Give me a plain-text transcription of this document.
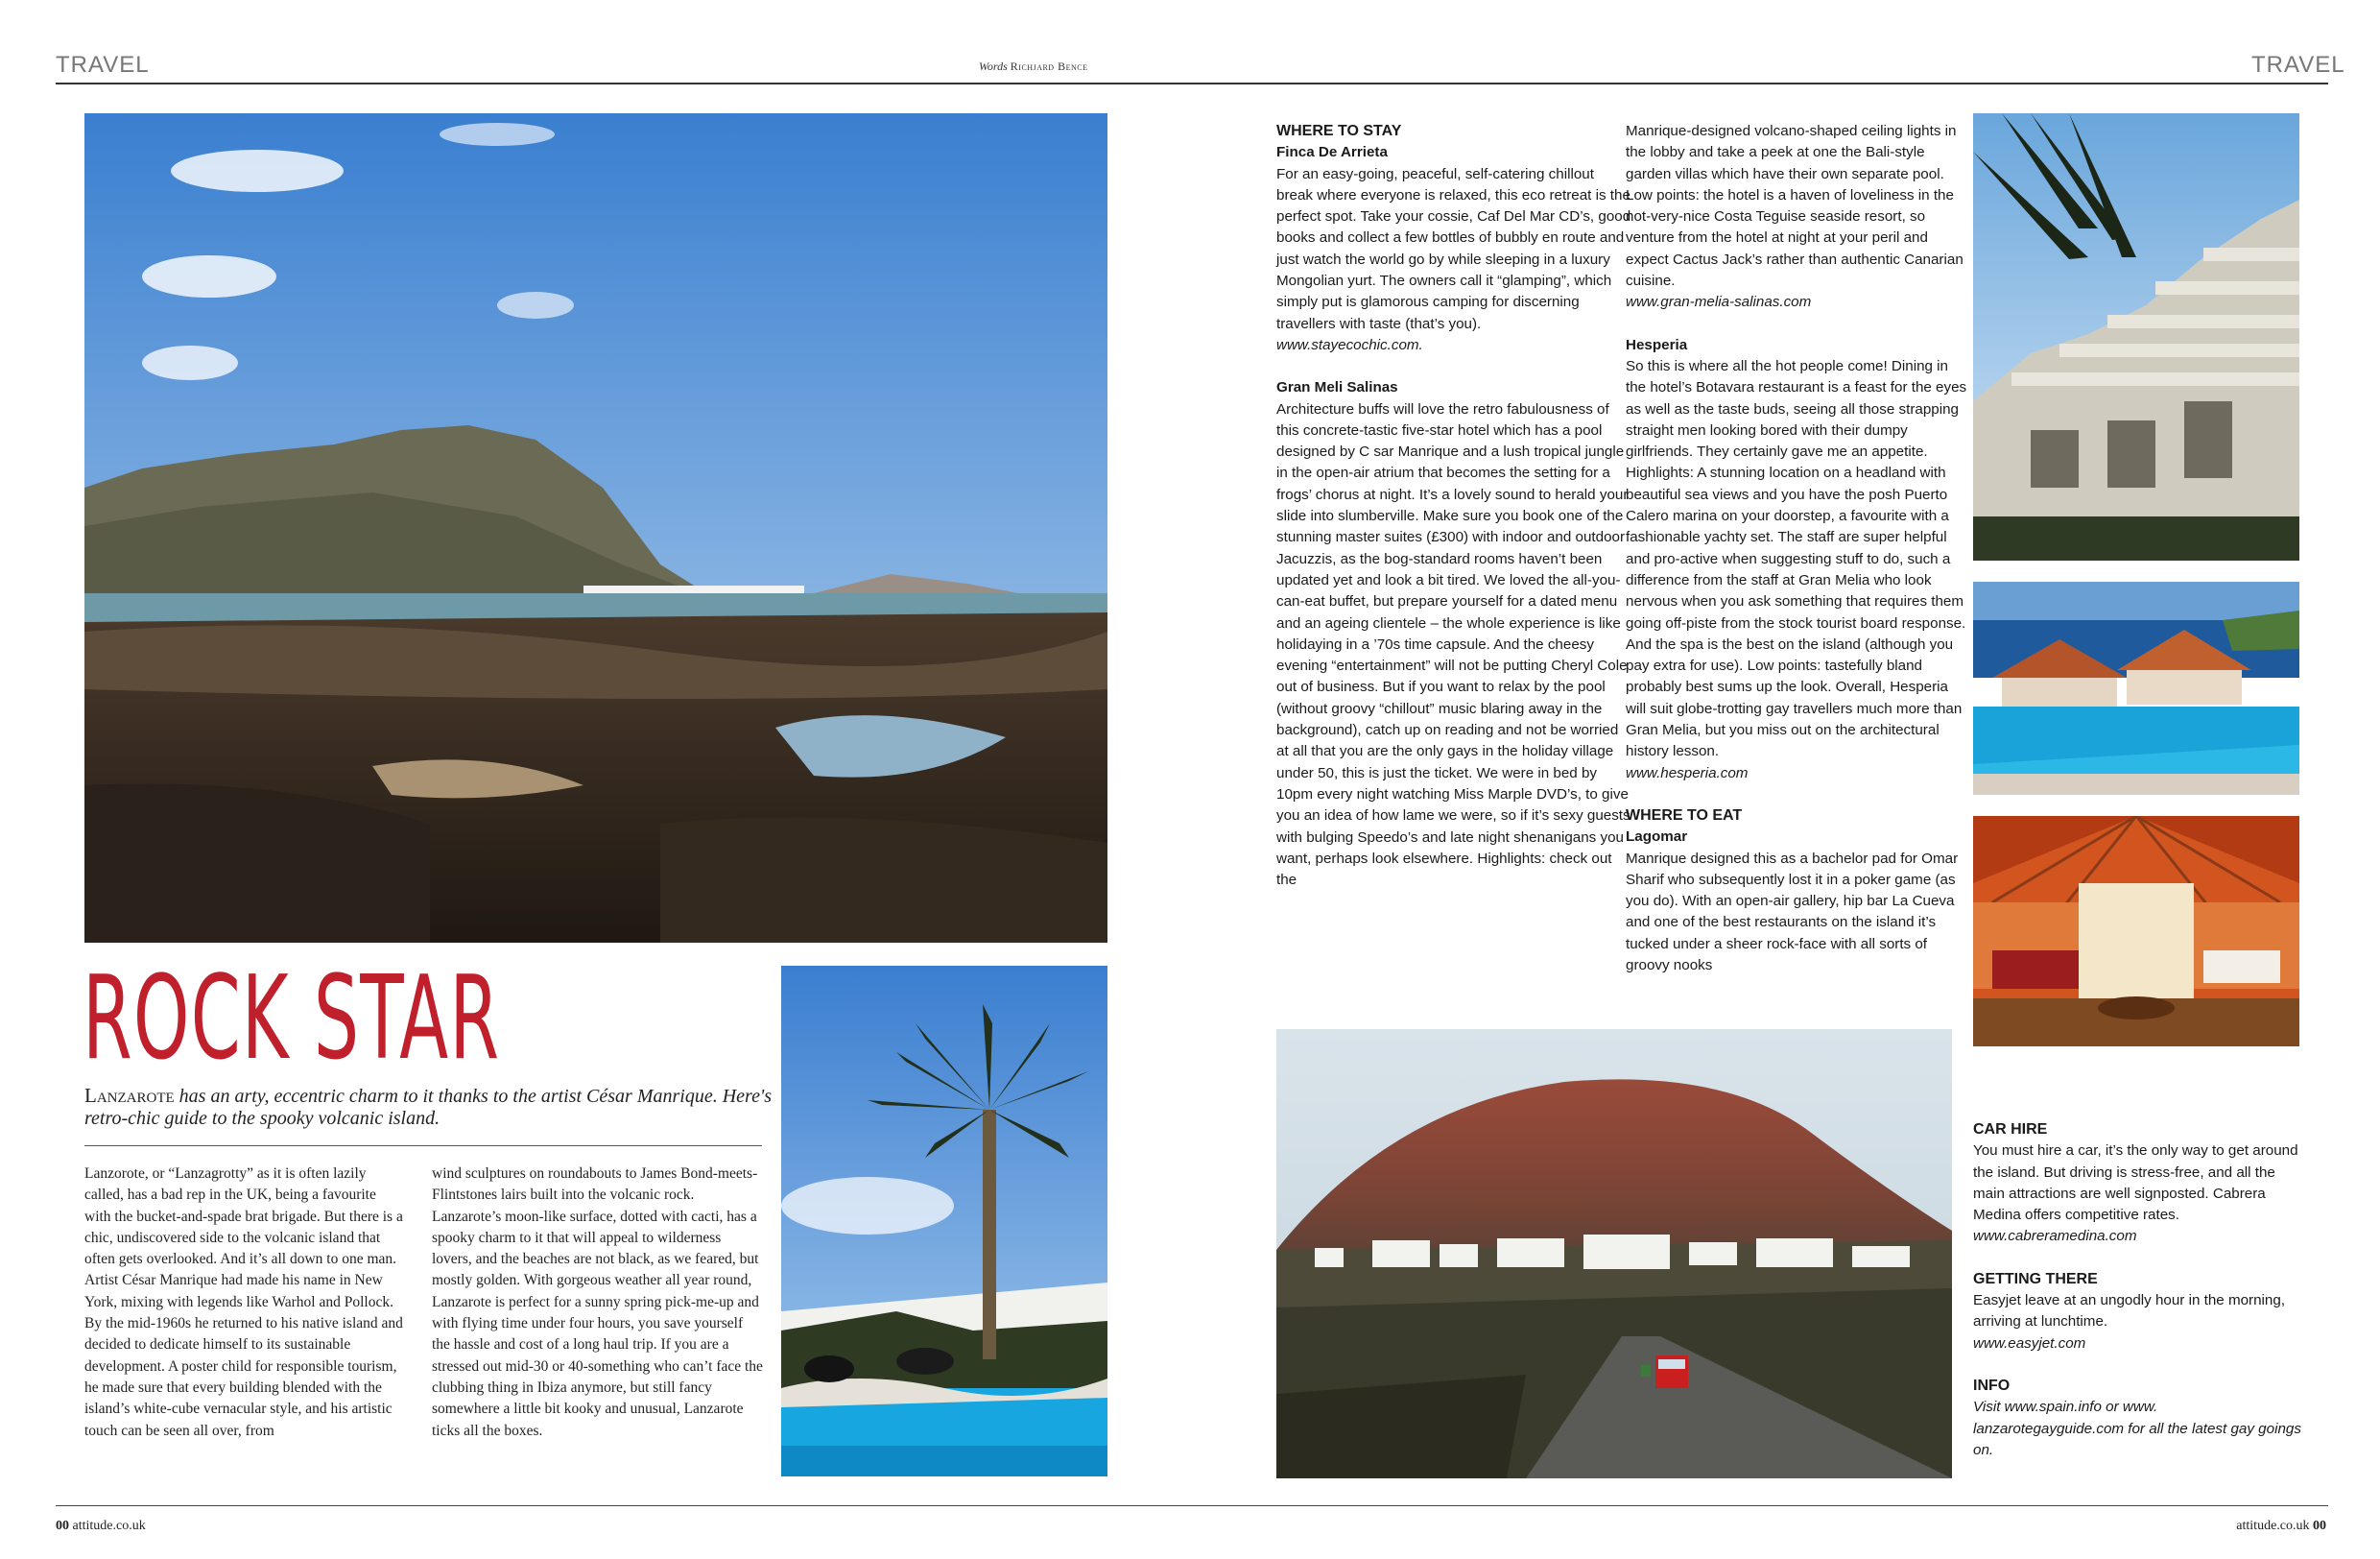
TRAVEL	Words Richjard Bence	TRAVEL
ROCK STAR
Lanzarote has an arty, eccentric charm to it thanks to the artist César Manrique. Here's retro-chic guide to the spooky volcanic island.

Lanzorote, or “Lanzagrotty” as it is often lazily called, has a bad rep in the UK, being a favourite with the bucket-and-spade brat brigade. But there is a chic, undiscovered side to the volcanic island that often gets overlooked. And it’s all down to one man. Artist César Manrique had made his name in New York, mixing with legends like Warhol and Pollock. By the mid-1960s he returned to his native island and decided to dedicate himself to its sustainable development. A poster child for responsible tourism, he made sure that every building blended with the island’s white-cube vernacular style, and his artistic touch can be seen all over, from

wind sculptures on roundabouts to James Bond-meets-Flintstones lairs built into the volcanic rock. Lanzarote’s moon-like surface, dotted with cacti, has a spooky charm to it that will appeal to wilderness lovers, and the beaches are not black, as we feared, but mostly golden. With gorgeous weather all year round, Lanzarote is perfect for a sunny spring pick-me-up and with flying time under four hours, you save yourself the hassle and cost of a long haul trip. If you are a stressed out mid-30 or 40-something who can’t face the clubbing thing in Ibiza anymore, but still fancy somewhere a little bit kooky and unusual, Lanzarote ticks all the boxes.

WHERE TO STAY

Finca De Arrieta

For an easy-going, peaceful, self-catering chillout break where everyone is relaxed, this eco retreat is the perfect spot. Take your cossie, Caf Del Mar CD’s, good books and collect a few bottles of bubbly en route and just watch the world go by while sleeping in a luxury Mongolian yurt. The owners call it “glamping”, which simply put is glamorous camping for discerning travellers with taste (that’s you).

www.stayecochic.com.

Gran Meli Salinas

Architecture buffs will love the retro fabulousness of this concrete-tastic five-star hotel which has a pool designed by C sar Manrique and a lush tropical jungle in the open-air atrium that becomes the setting for a frogs’ chorus at night. It’s a lovely sound to herald your slide into slumberville. Make sure you book one of the stunning master suites (£300) with indoor and outdoor Jacuzzis, as the bog-standard rooms haven’t been updated yet and look a bit tired. We loved the all-you-can-eat buffet, but prepare yourself for a dated menu and an ageing clientele – the whole experience is like holidaying in a ’70s time capsule. And the cheesy evening “entertainment” will not be putting Cheryl Cole out of business. But if you want to relax by the pool (without groovy “chillout” music blaring away in the background), catch up on reading and not be worried at all that you are the only gays in the holiday village under 50, this is just the ticket. We were in bed by 10pm every night watching Miss Marple DVD’s, to give you an idea of how lame we were, so if it’s sexy guests with bulging Speedo’s and late night shenanigans you want, perhaps look elsewhere. Highlights: check out the

Manrique-designed volcano-shaped ceiling lights in the lobby and take a peek at one the Bali-style garden villas which have their own separate pool. Low points: the hotel is a haven of loveliness in the not-very-nice Costa Teguise seaside resort, so venture from the hotel at night at your peril and expect Cactus Jack’s rather than authentic Canarian cuisine.

www.gran-melia-salinas.com

Hesperia

So this is where all the hot people come! Dining in the hotel’s Botavara restaurant is a feast for the eyes as well as the taste buds, seeing all those strapping straight men looking bored with their dumpy girlfriends. They certainly gave me an appetite. Highlights: A stunning location on a headland with beautiful sea views and you have the posh Puerto Calero marina on your doorstep, a favourite with a fashionable yachty set. The staff are super helpful and pro-active when suggesting stuff to do, such a difference from the staff at Gran Melia who look nervous when you ask something that requires them going off-piste from the stock tourist board response. And the spa is the best on the island (although you pay extra for use). Low points: tastefully bland probably best sums up the look. Overall, Hesperia will suit globe-trotting gay travellers much more than Gran Melia, but you miss out on the architectural history lesson.

www.hesperia.com

WHERE TO EAT

Lagomar

Manrique designed this as a bachelor pad for Omar Sharif who subsequently lost it in a poker game (as you do). With an open-air gallery, hip bar La Cueva and one of the best restaurants on the island it’s tucked under a sheer rock-face with all sorts of groovy nooks

CAR HIRE

You must hire a car, it’s the only way to get around the island. But driving is stress-free, and all the main attractions are well signposted. Cabrera Medina offers competitive rates.

www.cabreramedina.com

GETTING THERE

Easyjet leave at an ungodly hour in the morning, arriving at lunchtime.

www.easyjet.com

INFO

Visit www.spain.info or www. lanzarotegayguide.com for all the latest gay goings on.

00 attitude.co.uk	attitude.co.uk 00
